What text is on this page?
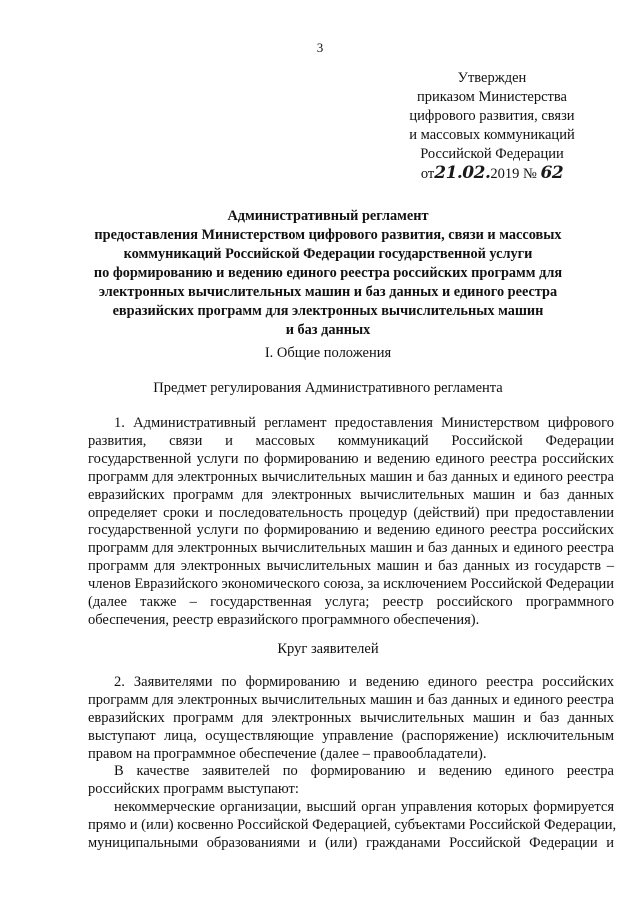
3
Утвержден
приказом Министерства
цифрового развития, связи
и массовых коммуникаций
Российской Федерации
от21.02.2019 № 62
Административный регламент
предоставления Министерством цифрового развития, связи и массовых
коммуникаций Российской Федерации государственной услуги
по формированию и ведению единого реестра российских программ для
электронных вычислительных машин и баз данных и единого реестра
евразийских программ для электронных вычислительных машин
и баз данных
I. Общие положения
Предмет регулирования Административного регламента
1. Административный регламент предоставления Министерством цифрового
развития, связи и массовых коммуникаций Российской Федерации
государственной услуги по формированию и ведению единого реестра российских
программ для электронных вычислительных машин и баз данных и единого реестра
евразийских программ для электронных вычислительных машин и баз данных
определяет сроки и последовательность процедур (действий) при предоставлении
государственной услуги по формированию и ведению единого реестра российских
программ для электронных вычислительных машин и баз данных и единого реестра
программ для электронных вычислительных машин и баз данных из государств –
членов Евразийского экономического союза, за исключением Российской Федерации
(далее также – государственная услуга; реестр российского программного
обеспечения, реестр евразийского программного обеспечения).
Круг заявителей
2. Заявителями по формированию и ведению единого реестра российских
программ для электронных вычислительных машин и баз данных и единого реестра
евразийских программ для электронных вычислительных машин и баз данных
выступают лица, осуществляющие управление (распоряжение) исключительным
правом на программное обеспечение (далее – правообладатели).
В качестве заявителей по формированию и ведению единого реестра
российских программ выступают:
некоммерческие организации, высший орган управления которых формируется
прямо и (или) косвенно Российской Федерацией, субъектами Российской Федерации,
муниципальными образованиями и (или) гражданами Российской Федерации и
